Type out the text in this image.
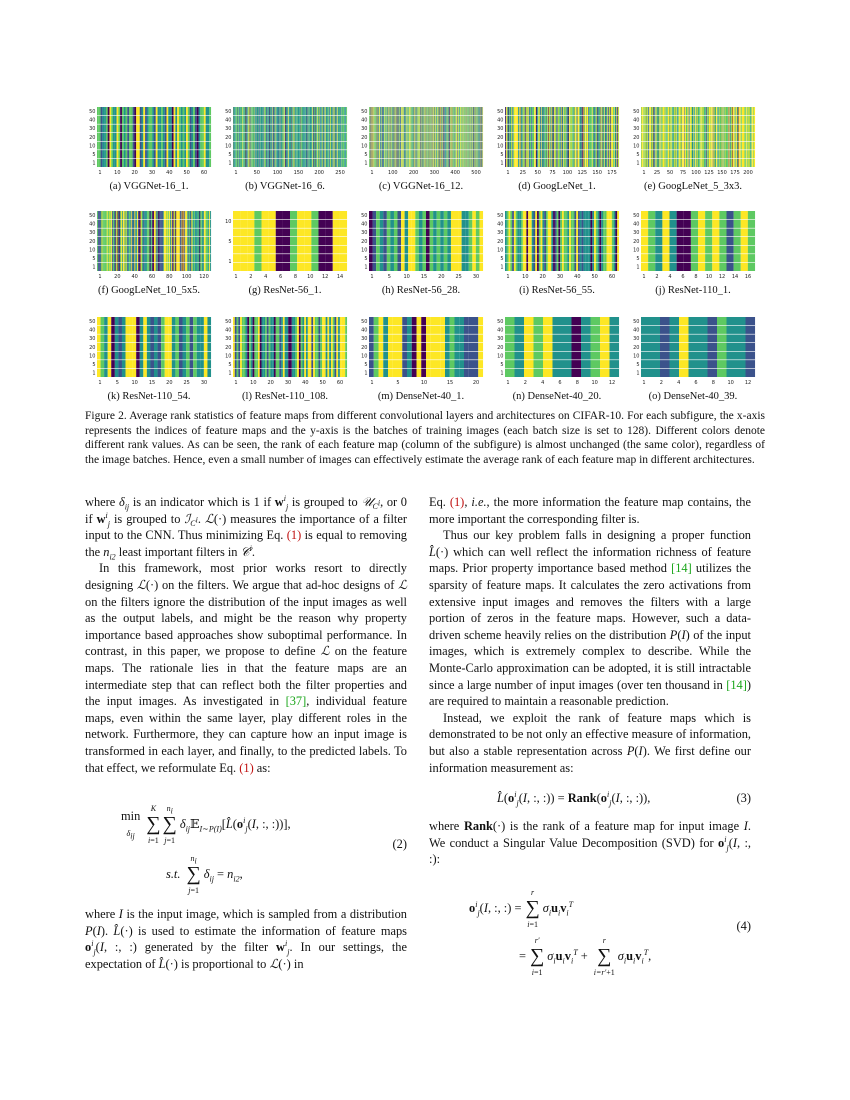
50
40
30
20
10
5
1
1	10 20 30 40 50 60
(a) VGGNet-16_1.
50
40
30
20
10
5
1
1	50	100 150 200 250
(b) VGGNet-16_6.
50
40
30
20
10
5
1
1	100 200 300 400 500
(c) VGGNet-16_12.
50
40
30
20
10
5
1
1 25 50 75 100 125 150 175
(d) GoogLeNet_1.
50
40
30
20
10
5
1
1 25 50 75 100 125 150 175 200
(e) GoogLeNet_5_3x3.
50
40
30
20
10
5
1
1	20 40 60 80 100 120
(f) GoogLeNet_10_5x5.
10
5
1
1 2 4 6 8 10 12 14
(g) ResNet-56_1.
50
40
30
20
10
5
1
1	5	10 15 20 25 30
(h) ResNet-56_28.
50
40
30
20
10
5
1
1	10 20 30 40 50 60
(i) ResNet-56_55.
50
40
30
20
10
5
1
1 2 4 6 8 10 12 14 16
(j) ResNet-110_1.
50
40
30
20
10
5
1
1	5	10 15 20 25 30
(k) ResNet-110_54.
50
40
30
20
10
5
1
1	10 20 30 40 50 60
(l) ResNet-110_108.
50
40
30
20
10
5
1
1	5	10	15	20
(m) DenseNet-40_1.
50
40
30
20
10
5
1
1	2	4	6	8	10 12
(n) DenseNet-40_20.
50
40
30
20
10
5
1
1	2	4	6	8	10 12
(o) DenseNet-40_39.
Figure 2. Average rank statistics of feature maps from different convolutional layers and architectures on CIFAR-10. For each subfigure, the x-axis represents the indices of feature maps and the y-axis is the batches of training images (each batch size is set to 128). Different colors denote different rank values. As can be seen, the rank of each feature map (column of the subfigure) is almost unchanged (the same color), regardless of the image batches. Hence, even a small number of images can effectively estimate the average rank of each feature map in different architectures.

where $\delta_{ij}$ is an indicator which is 1 if $w^i_j$ is grouped to 𝒰$_{C^i}$, or 0 if $w^i_j$ is grouped to ℐ$_{C^i}$. ℒ(·) measures the importance of a filter input to the CNN. Thus minimizing Eq. (1) is equal to removing the $n_{i2}$ least important filters in 𝒞$^i$.

In this framework, most prior works resort to directly designing ℒ(·) on the filters. We argue that ad-hoc designs of ℒ on the filters ignore the distribution of the input images as well as the output labels, and might be the reason why property importance based approaches show suboptimal performance. In contrast, in this paper, we propose to define ℒ on the feature maps. The rationale lies in that the feature maps are an intermediate step that can reflect both the filter properties and the input images. As investigated in [37], individual feature maps, even within the same layer, play different roles in the network. Furthermore, they can capture how an input image is transformed in each layer, and finally, to the predicted labels. To that effect, we reformulate Eq. (1) as:

min
$\delta_{ij}$
K
∑
i=1
$n_i$
∑
j=1
$\delta_{ij}𝔼_{I\sim P(I)}[L̂(o^i_j(I$, :, :))],
s.t.
$n_i$
∑
j=1
$\delta_{ij} = n_{i2}$,
(2)

where I is the input image, which is sampled from a distribution P(I). L̂(·) is used to estimate the information of feature maps $o^i_j(I$, :, :) generated by the filter $w^i_j$. In our settings, the expectation of L̂(·) is proportional to ℒ(·) in

Eq. (1), i.e., the more information the feature map contains, the more important the corresponding filter is.

Thus our key problem falls in designing a proper function L̂(·) which can well reflect the information richness of feature maps. Prior property importance based method [14] utilizes the sparsity of feature maps. It calculates the zero activations from extensive input images and removes the filters with a large portion of zeros in the feature maps. However, such a data-driven scheme heavily relies on the distribution P(I) of the input images, which is extremely complex to describe. While the Monte-Carlo approximation can be adopted, it is still intractable since a large number of input images (over ten thousand in [14]) are required to maintain a reasonable prediction.

Instead, we exploit the rank of feature maps which is demonstrated to be not only an effective measure of information, but also a stable representation across P(I). We first define our information measurement as:

$L̂(o^i_j(I$, :, :)) = $Rank(o^i_j(I$, :, :)),	(3)

where Rank(·) is the rank of a feature map for input image I. We conduct a Singular Value Decomposition (SVD) for $o^i_j(I$, :, :):

$o^i_j(I$, :, :) =
r
∑
i=1
$\sigma_iu_iv_i^T$
=
r′
∑
i=1
$\sigma_iu_iv_i^T$ +
r
∑
i=r′+1
$\sigma_iu_iv_i^T$,
(4)
